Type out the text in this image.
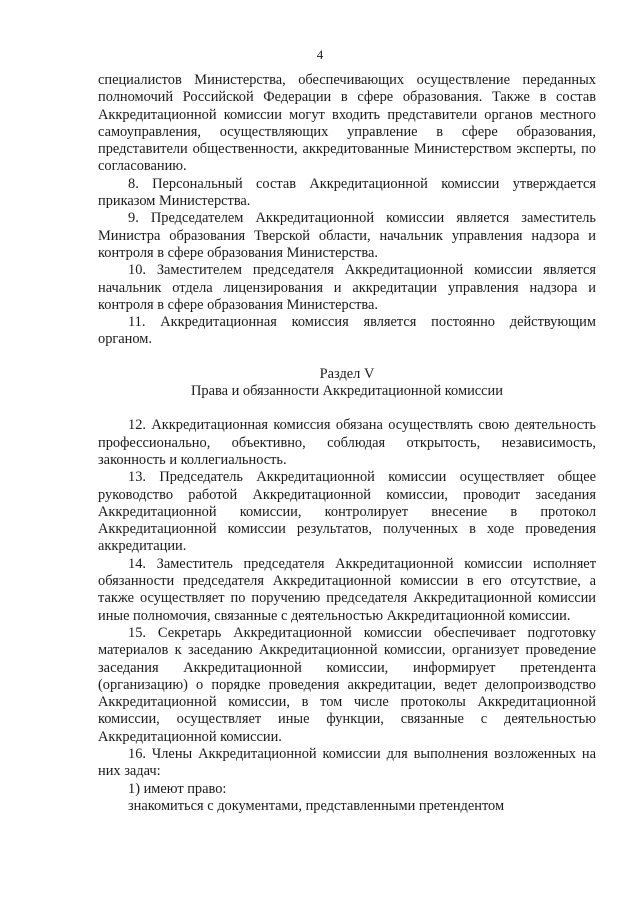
4

специалистов Министерства, обеспечивающих осуществление переданных полномочий Российской Федерации в сфере образования. Также в состав Аккредитационной комиссии могут входить представители органов местного самоуправления, осуществляющих управление в сфере образования, представители общественности, аккредитованные Министерством эксперты, по согласованию.

8. Персональный состав Аккредитационной комиссии утверждается приказом Министерства.

9. Председателем Аккредитационной комиссии является заместитель Министра образования Тверской области, начальник управления надзора и контроля в сфере образования Министерства.

10. Заместителем председателя Аккредитационной комиссии является начальник отдела лицензирования и аккредитации управления надзора и контроля в сфере образования Министерства.

11. Аккредитационная комиссия является постоянно действующим органом.

Раздел V
Права и обязанности Аккредитационной комиссии

12. Аккредитационная комиссия обязана осуществлять свою деятельность профессионально, объективно, соблюдая открытость, независимость, законность и коллегиальность.

13. Председатель Аккредитационной комиссии осуществляет общее руководство работой Аккредитационной комиссии, проводит заседания Аккредитационной комиссии, контролирует внесение в протокол Аккредитационной комиссии результатов, полученных в ходе проведения аккредитации.

14. Заместитель председателя Аккредитационной комиссии исполняет обязанности председателя Аккредитационной комиссии в его отсутствие, а также осуществляет по поручению председателя Аккредитационной комиссии иные полномочия, связанные с деятельностью Аккредитационной комиссии.

15. Секретарь Аккредитационной комиссии обеспечивает подготовку материалов к заседанию Аккредитационной комиссии, организует проведение заседания Аккредитационной комиссии, информирует претендента (организацию) о порядке проведения аккредитации, ведет делопроизводство Аккредитационной комиссии, в том числе протоколы Аккредитационной комиссии, осуществляет иные функции, связанные с деятельностью Аккредитационной комиссии.

16. Члены Аккредитационной комиссии для выполнения возложенных на них задач:

1) имеют право:

знакомиться с документами, представленными претендентом
